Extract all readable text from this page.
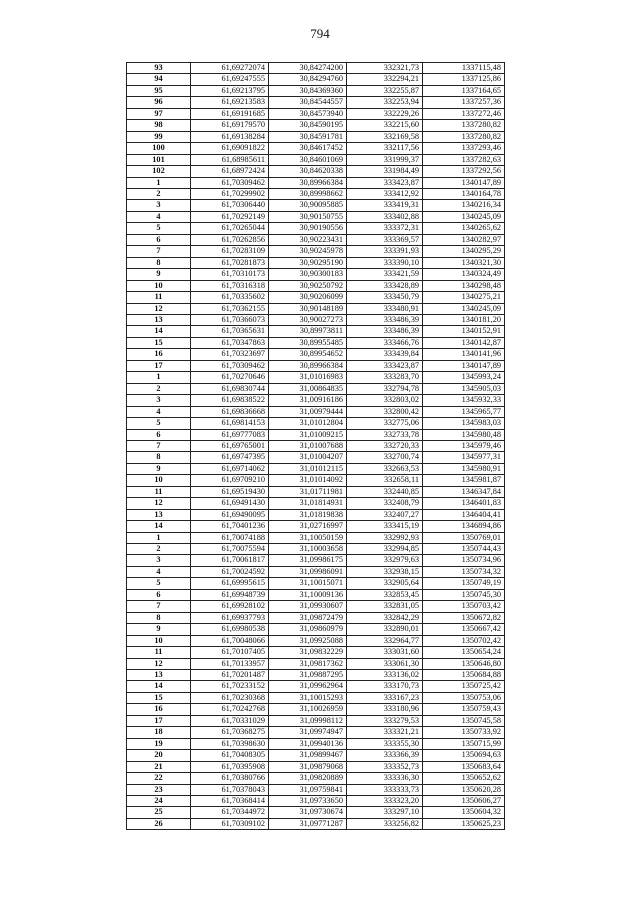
794
93	61,69272074	30,84274200	332321,73	1337115,48
94	61,69247555	30,84294760	332294,21	1337125,86
95	61,69213795	30,84369360	332255,87	1337164,65
96	61,69213583	30,84544557	332253,94	1337257,36
97	61,69191685	30,84573940	332229,26	1337272,46
98	61,69179570	30,84590195	332215,60	1337280,82
99	61,69138284	30,84591781	332169,58	1337280,82
100	61,69091822	30,84617452	332117,56	1337293,46
101	61,68985611	30,84601069	331999,37	1337282,63
102	61,68972424	30,84620338	331984,49	1337292,56
1	61,70309462	30,89966384	333423,87	1340147,89
2	61,70299902	30,89998662	333412,92	1340164,78
3	61,70306440	30,90095885	333419,31	1340216,34
4	61,70292149	30,90150755	333402,88	1340245,09
5	61,70265044	30,90190556	333372,31	1340265,62
6	61,70262856	30,90223431	333369,57	1340282,97
7	61,70283109	30,90245978	333391,93	1340295,29
8	61,70281873	30,90295190	333390,10	1340321,30
9	61,70310173	30,90300183	333421,59	1340324,49
10	61,70316318	30,90250792	333428,89	1340298,48
11	61,70335602	30,90206099	333450,79	1340275,21
12	61,70362155	30,90148189	333480,91	1340245,09
13	61,70366073	30,90027273	333486,39	1340181,20
14	61,70365631	30,89973811	333486,39	1340152,91
15	61,70347863	30,89955485	333466,76	1340142,87
16	61,70323697	30,89954652	333439,84	1340141,96
17	61,70309462	30,89966384	333423,87	1340147,89
1	61,70270646	31,01016983	333283,70	1345993,24
2	61,69830744	31,00864835	332794,78	1345905,03
3	61,69838522	31,00916186	332803,02	1345932,33
4	61,69836668	31,00979444	332800,42	1345965,77
5	61,69814153	31,01012804	332775,06	1345983,03
6	61,69777083	31,01009215	332733,78	1345980,48
7	61,69765001	31,01007688	332720,33	1345979,46
8	61,69747395	31,01004207	332700,74	1345977,31
9	61,69714062	31,01012115	332663,53	1345980,91
10	61,69709210	31,01014092	332658,11	1345981,87
11	61,69519430	31,01711981	332440,85	1346347,84
12	61,69491430	31,01814931	332408,79	1346401,83
13	61,69490095	31,01819838	332407,27	1346404,41
14	61,70401236	31,02716997	333415,19	1346894,86
1	61,70074188	31,10050159	332992,93	1350769,01
2	61,70075594	31,10003658	332994,85	1350744,43
3	61,70061817	31,09986175	332979,63	1350734,96
4	61,70024592	31,09986091	332938,15	1350734,32
5	61,69995615	31,10015071	332905,64	1350749,19
6	61,69948739	31,10009136	332853,45	1350745,30
7	61,69928102	31,09930607	332831,05	1350703,42
8	61,69937793	31,09872479	332842,29	1350672,82
9	61,69980538	31,09860979	332890,01	1350667,42
10	61,70048066	31,09925088	332964,77	1350702,42
11	61,70107405	31,09832229	333031,60	1350654,24
12	61,70133957	31,09817362	333061,30	1350646,80
13	61,70201487	31,09887295	333136,02	1350684,88
14	61,70233152	31,09962964	333170,73	1350725,42
15	61,70230368	31,10015293	333167,23	1350753,06
16	61,70242768	31,10026959	333180,96	1350759,43
17	61,70331029	31,09998112	333279,53	1350745,58
18	61,70368275	31,09974947	333321,21	1350733,92
19	61,70398630	31,09940136	333355,30	1350715,99
20	61,70408305	31,09899467	333366,39	1350694,63
21	61,70395908	31,09879068	333352,73	1350683,64
22	61,70380766	31,09820889	333336,30	1350652,62
23	61,70378043	31,09759841	333333,73	1350620,28
24	61,70368414	31,09733650	333323,20	1350606,27
25	61,70344972	31,09730674	333297,10	1350604,32
26	61,70309102	31,09771287	333256,82	1350625,23
